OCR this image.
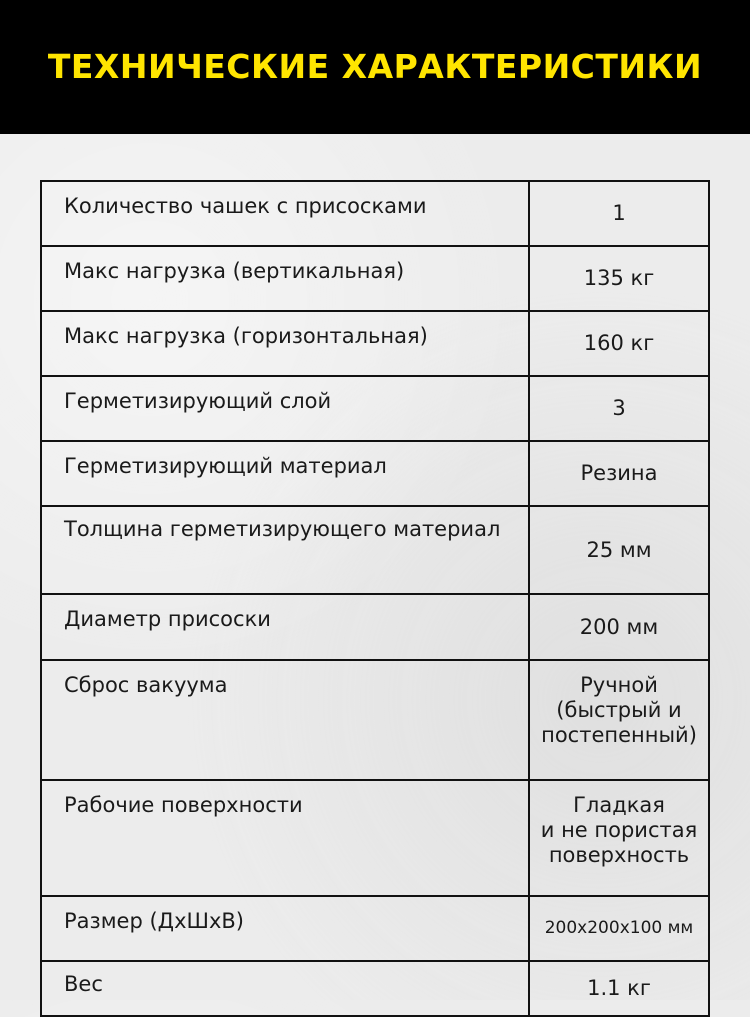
ТЕХНИЧЕСКИЕ ХАРАКТЕРИСТИКИ
Количество чашек с присосками	1
Макс нагрузка (вертикальная)	135 кг
Макс нагрузка (горизонтальная)	160 кг
Герметизирующий слой	3
Герметизирующий материал	Резина
Толщина герметизирующего материал	25 мм
Диаметр присоски	200 мм
Сброс вакуума	Ручной
(быстрый и
постепенный)
Рабочие поверхности	Гладкая
и не пористая
поверхность
Размер (ДхШхВ)	200x200x100 мм
Вес	1.1 кг
